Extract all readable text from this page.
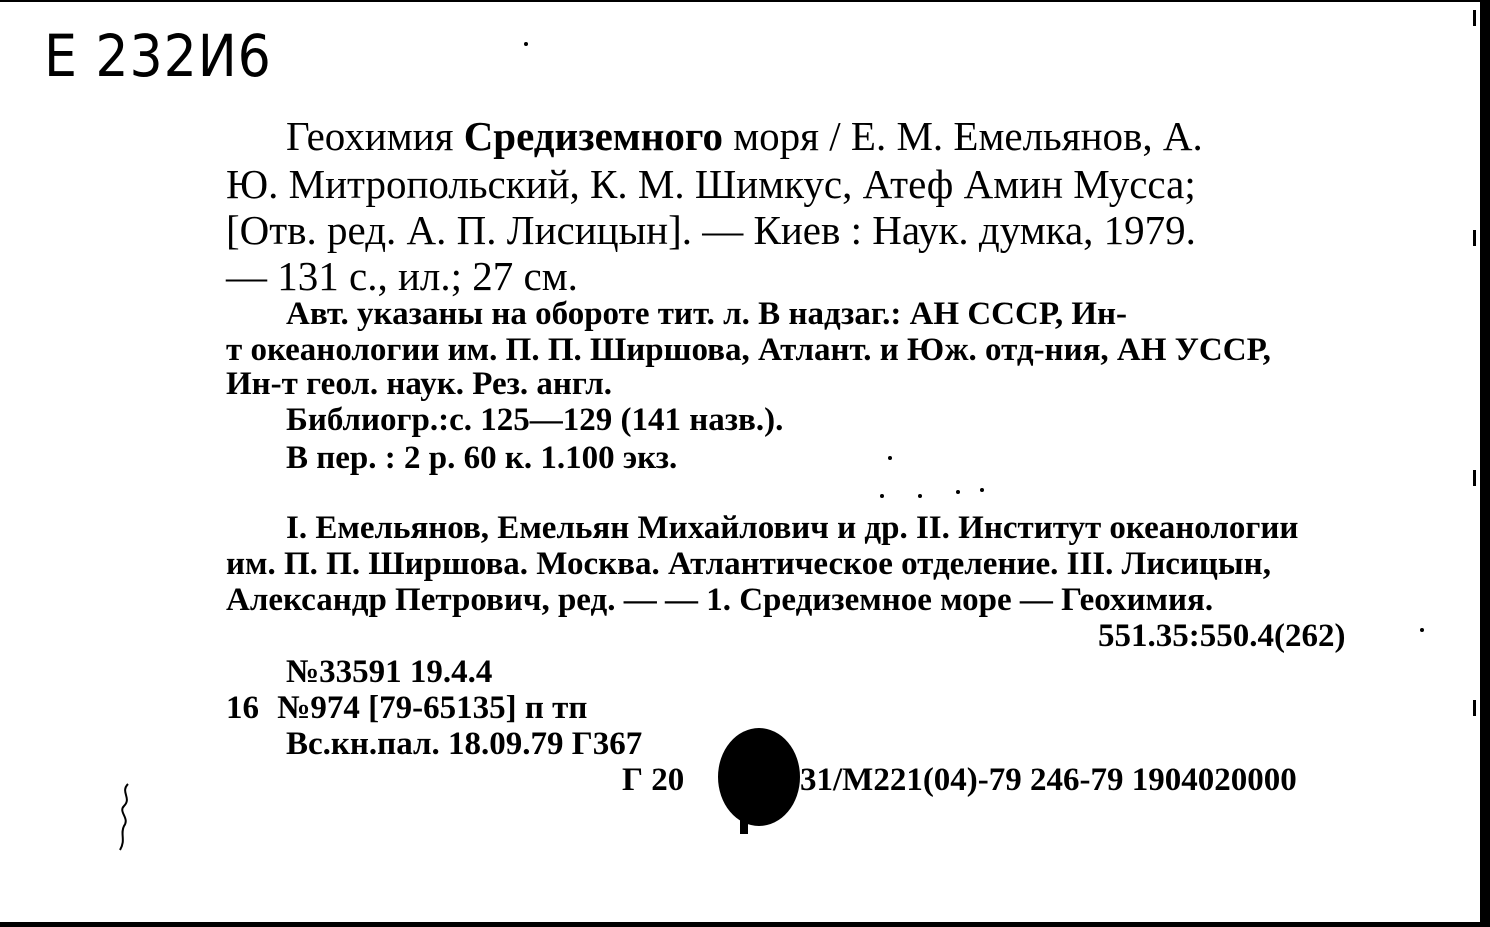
E 232И6
Геохимия Средиземного моря / Е. М. Емельянов, А.
Ю. Митропольский, К. М. Шимкус, Атеф Амин Мусса;
[Отв. ред. А. П. Лисицын]. — Киев : Наук. думка, 1979.
— 131 с., ил.; 27 см.
Авт. указаны на обороте тит. л. В надзаг.: АН СССР, Ин-
т океанологии им. П. П. Ширшова, Атлант. и Юж. отд-ния, АН УССР,
Ин-т геол. наук. Рез. англ.
Библиогр.:с. 125—129 (141 назв.).
В пер. : 2 р. 60 к. 1.100 экз.
I. Емельянов, Емельян Михайлович и др. II. Институт океанологии
им. П. П. Ширшова. Москва. Атлантическое отделение. III. Лисицын,
Александр Петрович, ред. — — 1. Средиземное море — Геохимия.
551.35:550.4(262)
№33591 19.4.4
16 №974 [79-65135] п тп
Вс.кн.пал. 18.09.79 Г367
Г 20	31/М221(04)-79 246-79 1904020000
